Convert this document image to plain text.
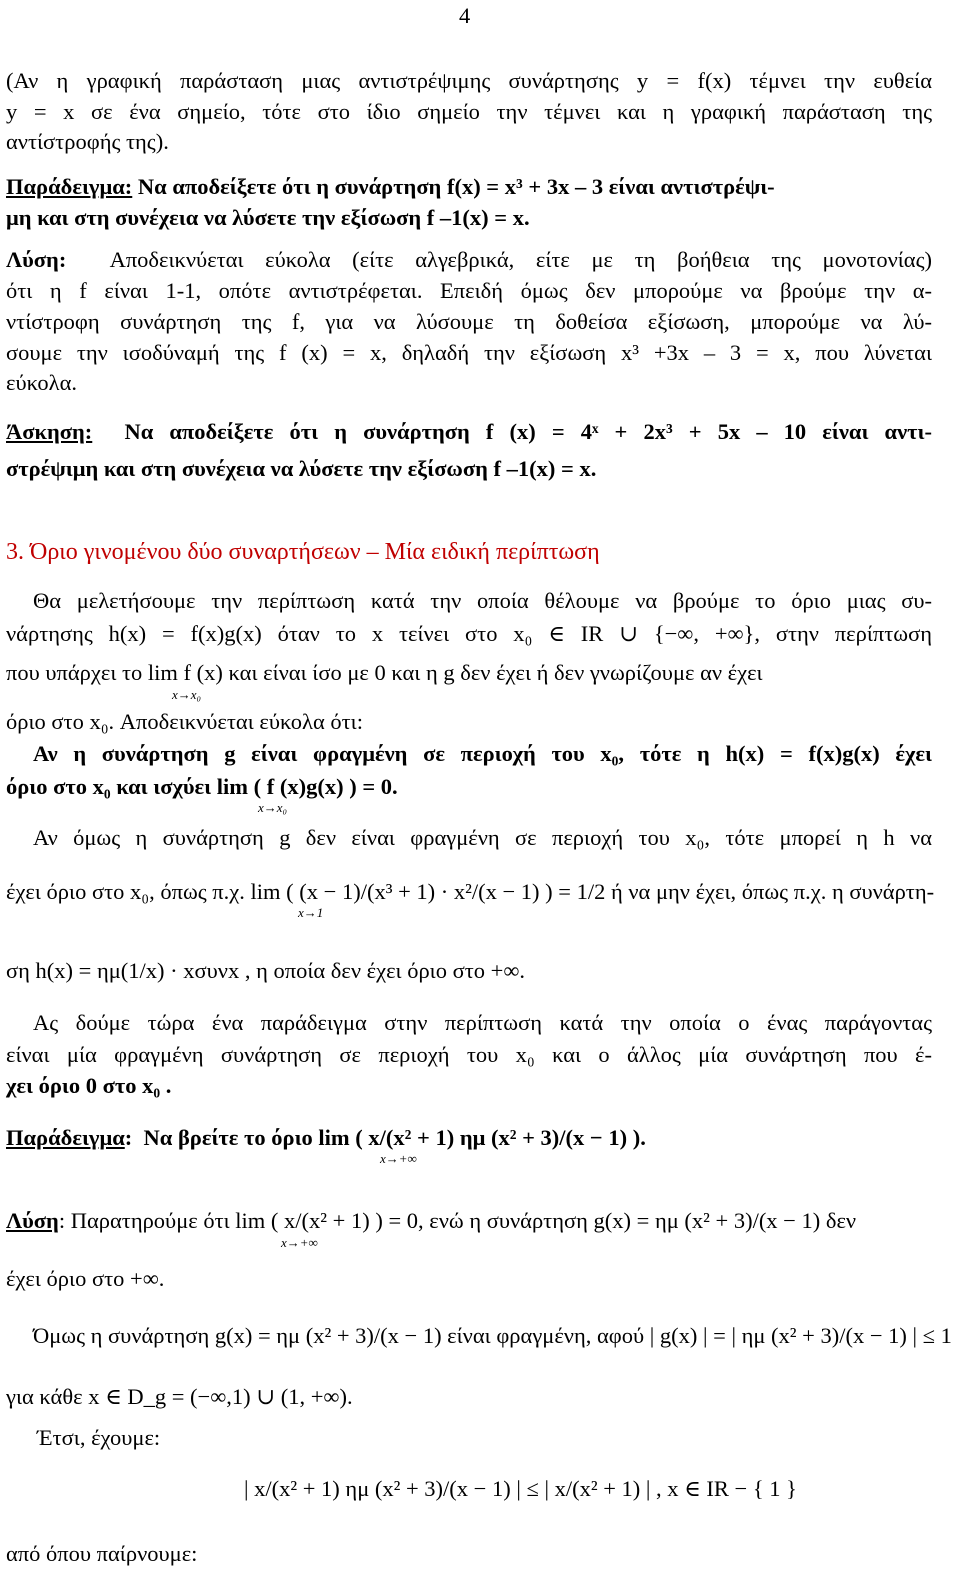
4
(Αν η γραφική παράσταση μιας αντιστρέψιμης συνάρτησης y = f(x) τέμνει την ευθεία
y = x σε ένα σημείο, τότε στο ίδιο σημείο την τέμνει και η γραφική παράσταση της
αντίστροφής της).
Παράδειγμα: Να αποδείξετε ότι η συνάρτηση f(x) = x³ + 3x – 3 είναι αντιστρέψι-
μη και στη συνέχεια να λύσετε την εξίσωση f –1(x) = x.
Λύση: Αποδεικνύεται εύκολα (είτε αλγεβρικά, είτε με τη βοήθεια της μονοτονίας)
ότι η f είναι 1-1, οπότε αντιστρέφεται. Επειδή όμως δεν μπορούμε να βρούμε την α-
ντίστροφη συνάρτηση της f, για να λύσουμε τη δοθείσα εξίσωση, μπορούμε να λύ-
σουμε την ισοδύναμή της f (x) = x, δηλαδή την εξίσωση x³ +3x – 3 = x, που λύνεται
εύκολα.
Άσκηση: Να αποδείξετε ότι η συνάρτηση f (x) = 4ˣ + 2x³ + 5x – 10 είναι αντι-
στρέψιμη και στη συνέχεια να λύσετε την εξίσωση f –1(x) = x.
3. Όριο γινομένου δύο συναρτήσεων – Μία ειδική περίπτωση
Θα μελετήσουμε την περίπτωση κατά την οποία θέλουμε να βρούμε το όριο μιας συ-
νάρτησης h(x) = f(x)g(x) όταν το x τείνει στο x₀ ∈ IR ∪ {−∞, +∞}, στην περίπτωση
που υπάρχει το lim f (x) και είναι ίσο με 0 και η g δεν έχει ή δεν γνωρίζουμε αν έχει
x→x₀
όριο στο x₀. Αποδεικνύεται εύκολα ότι:
Αν η συνάρτηση g είναι φραγμένη σε περιοχή του x₀, τότε η h(x) = f(x)g(x) έχει
όριο στο x₀ και ισχύει lim ( f (x)g(x) ) = 0.
x→x₀
Αν όμως η συνάρτηση g δεν είναι φραγμένη σε περιοχή του x₀, τότε μπορεί η h να
έχει όριο στο x₀, όπως π.χ. lim ( (x − 1)/(x³ + 1) · x²/(x − 1) ) = 1/2 ή να μην έχει, όπως π.χ. η συνάρτη-
x→1
ση h(x) = ημ(1/x) · xσυνx , η οποία δεν έχει όριο στο +∞.
Ας δούμε τώρα ένα παράδειγμα στην περίπτωση κατά την οποία ο ένας παράγοντας
είναι μία φραγμένη συνάρτηση σε περιοχή του x₀ και ο άλλος μία συνάρτηση που έ-
χει όριο 0 στο x₀ .
Παράδειγμα:  Να βρείτε το όριο lim ( x/(x² + 1) ημ (x² + 3)/(x − 1) ).
x→+∞
Λύση: Παρατηρούμε ότι lim ( x/(x² + 1) ) = 0, ενώ η συνάρτηση g(x) = ημ (x² + 3)/(x − 1) δεν
x→+∞
έχει όριο στο +∞.
Όμως η συνάρτηση g(x) = ημ (x² + 3)/(x − 1) είναι φραγμένη, αφού | g(x) | = | ημ (x² + 3)/(x − 1) | ≤ 1
για κάθε x ∈ D_g = (−∞,1) ∪ (1, +∞).
Έτσι, έχουμε:
| x/(x² + 1) ημ (x² + 3)/(x − 1) | ≤ | x/(x² + 1) | , x ∈ IR − { 1 }
από όπου παίρνουμε:
